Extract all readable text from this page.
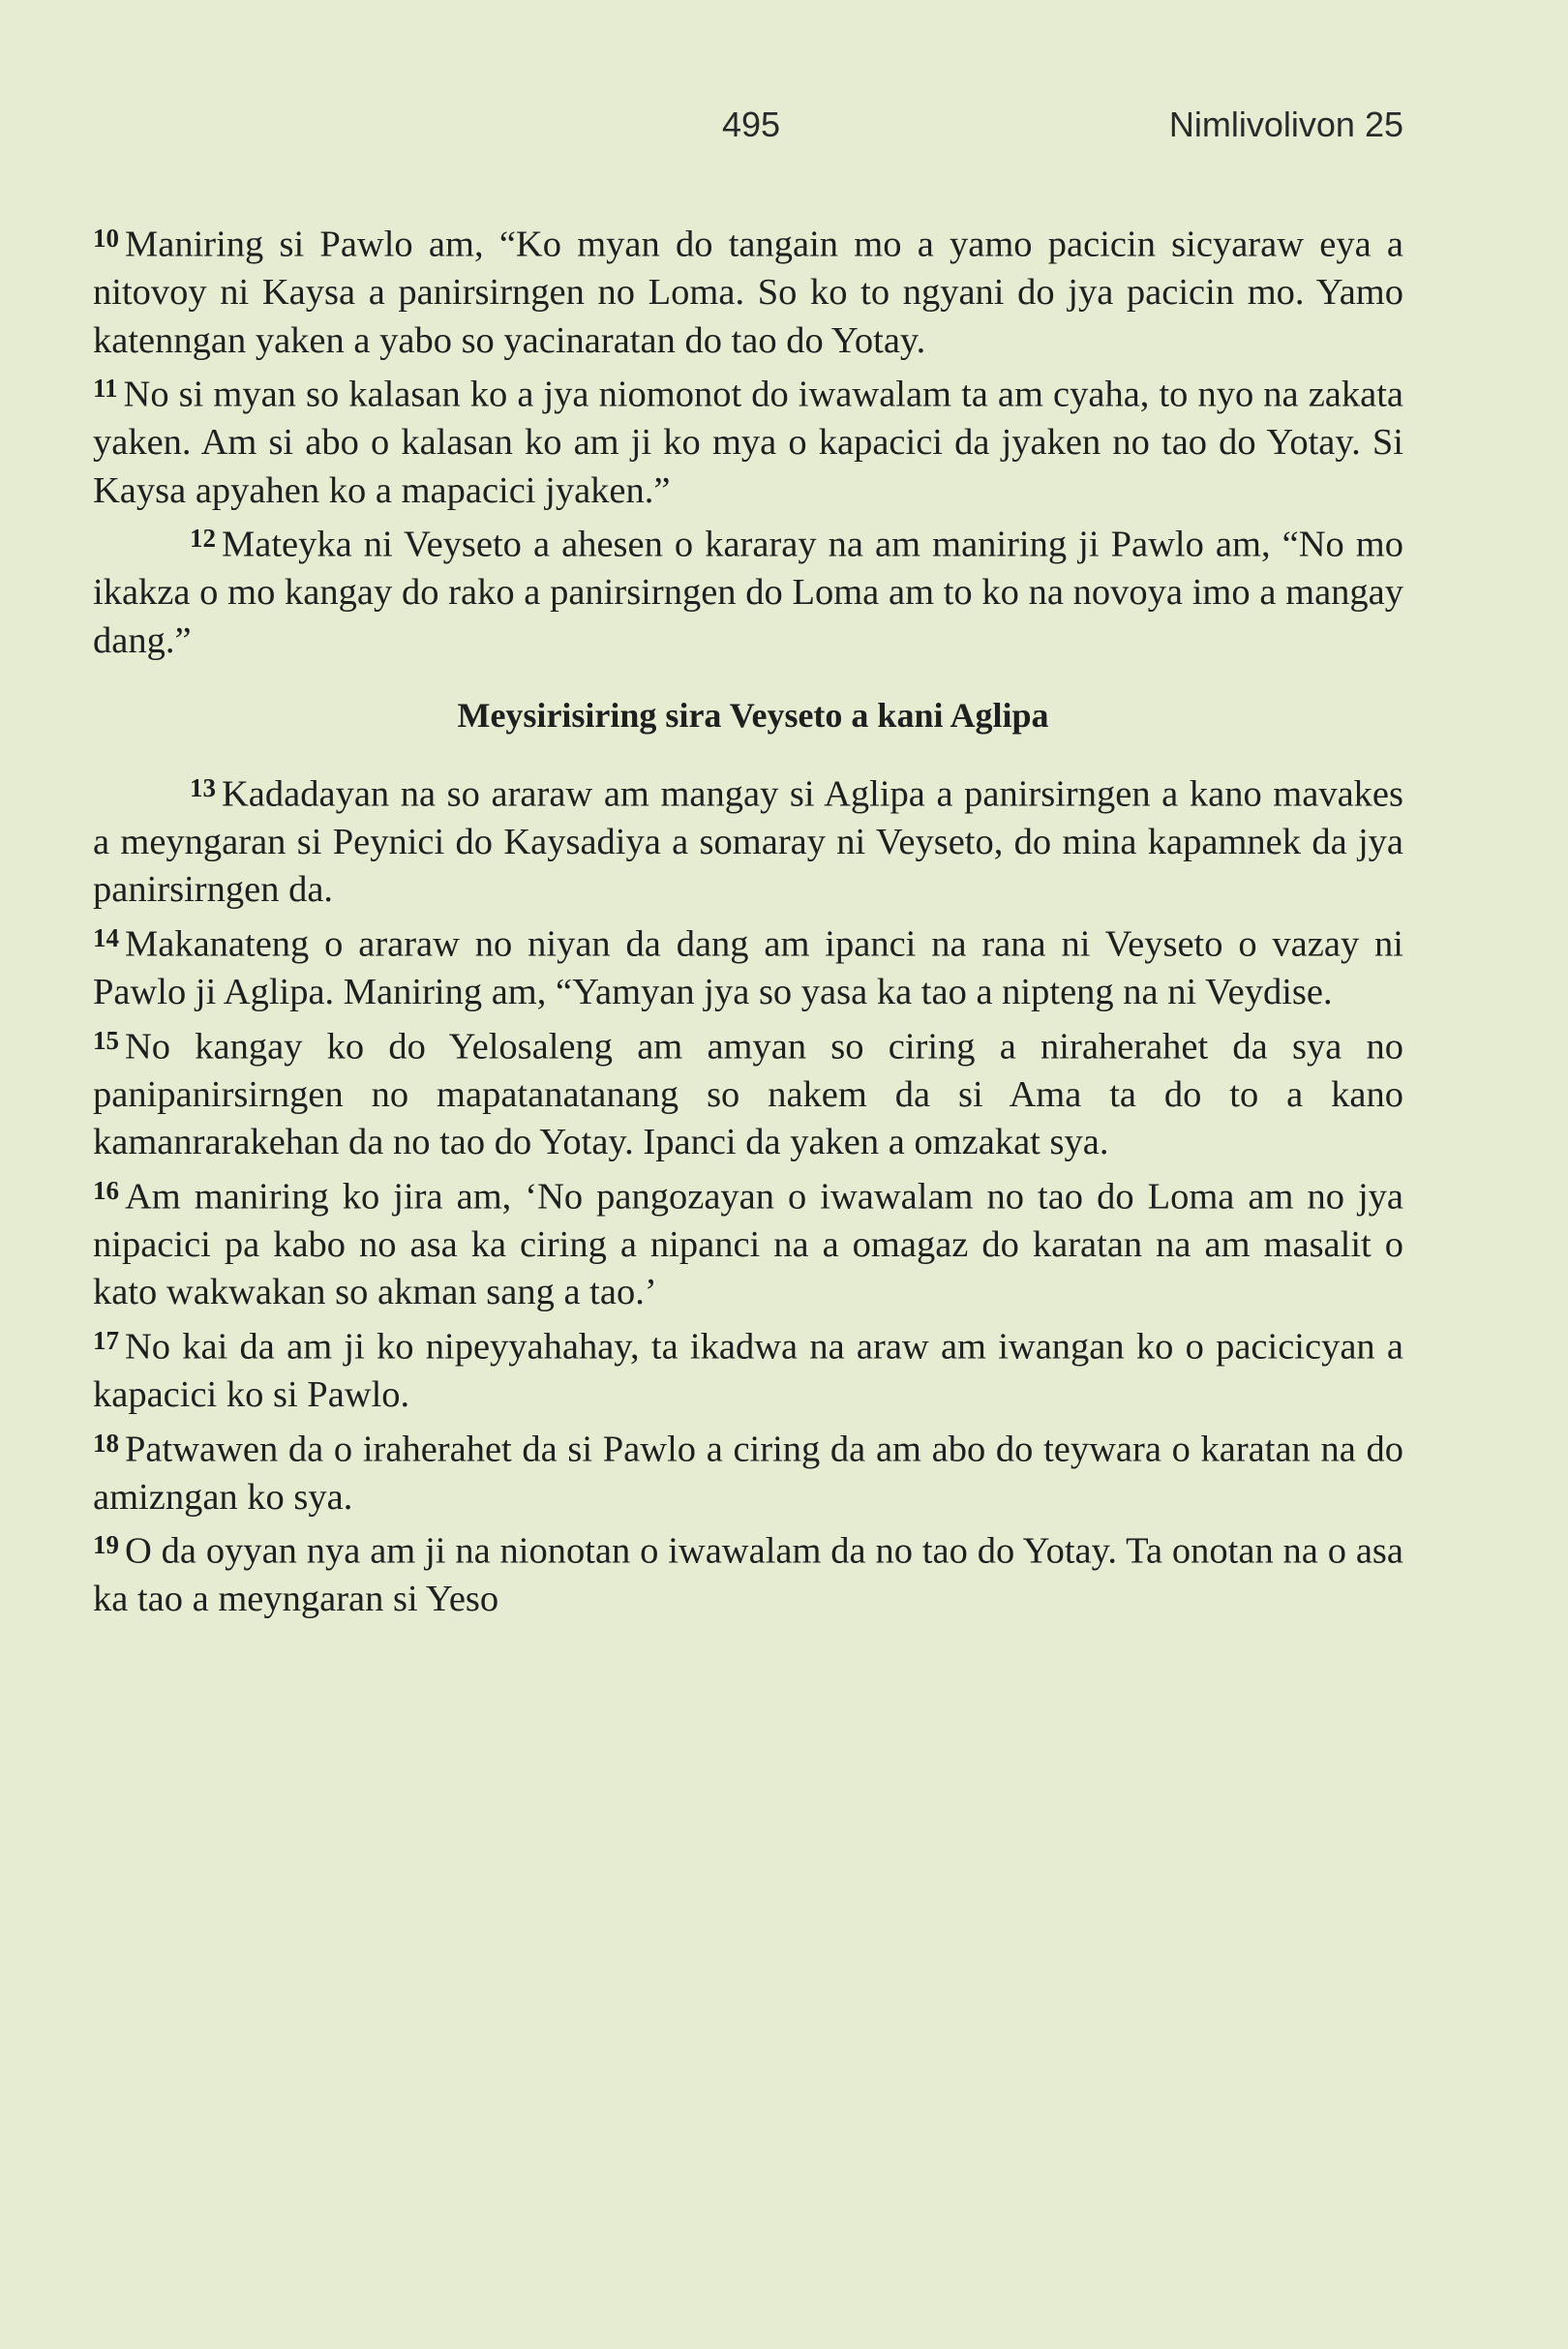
495	Nimlivolivon 25

$^{10}$ Maniring si Pawlo am, “Ko myan do tangain mo a yamo pacicin sicyaraw eya a nitovoy ni Kaysa a panirsirngen no Loma. So ko to ngyani do jya pacicin mo. Yamo katenngan yaken a yabo so yacinaratan do tao do Yotay.

$^{11}$ No si myan so kalasan ko a jya niomonot do iwawalam ta am cyaha, to nyo na zakata yaken. Am si abo o kalasan ko am ji ko mya o kapacici da jyaken no tao do Yotay. Si Kaysa apyahen ko a mapacici jyaken.”

$^{12}$ Mateyka ni Veyseto a ahesen o kararay na am maniring ji Pawlo am, “No mo ikakza o mo kangay do rako a panirsirngen do Loma am to ko na novoya imo a mangay dang.”

Meysirisiring sira Veyseto a kani Aglipa

$^{13}$ Kadadayan na so araraw am mangay si Aglipa a panirsirngen a kano mavakes a meyngaran si Peynici do Kaysadiya a somaray ni Veyseto, do mina kapamnek da jya panirsirngen da.

$^{14}$ Makanateng o araraw no niyan da dang am ipanci na rana ni Veyseto o vazay ni Pawlo ji Aglipa. Maniring am, “Yamyan jya so yasa ka tao a nipteng na ni Veydise.

$^{15}$ No kangay ko do Yelosaleng am amyan so ciring a niraherahet da sya no panipanirsirngen no mapatanatanang so nakem da si Ama ta do to a kano kamanrarakehan da no tao do Yotay. Ipanci da yaken a omzakat sya.

$^{16}$ Am maniring ko jira am, ‘No pangozayan o iwawalam no tao do Loma am no jya nipacici pa kabo no asa ka ciring a nipanci na a omagaz do karatan na am masalit o kato wakwakan so akman sang a tao.’

$^{17}$ No kai da am ji ko nipeyyahahay, ta ikadwa na araw am iwangan ko o pacicicyan a kapacici ko si Pawlo.

$^{18}$ Patwawen da o iraherahet da si Pawlo a ciring da am abo do teywara o karatan na do amizngan ko sya.

$^{19}$ O da oyyan nya am ji na nionotan o iwawalam da no tao do Yotay. Ta onotan na o asa ka tao a meyngaran si Yeso
